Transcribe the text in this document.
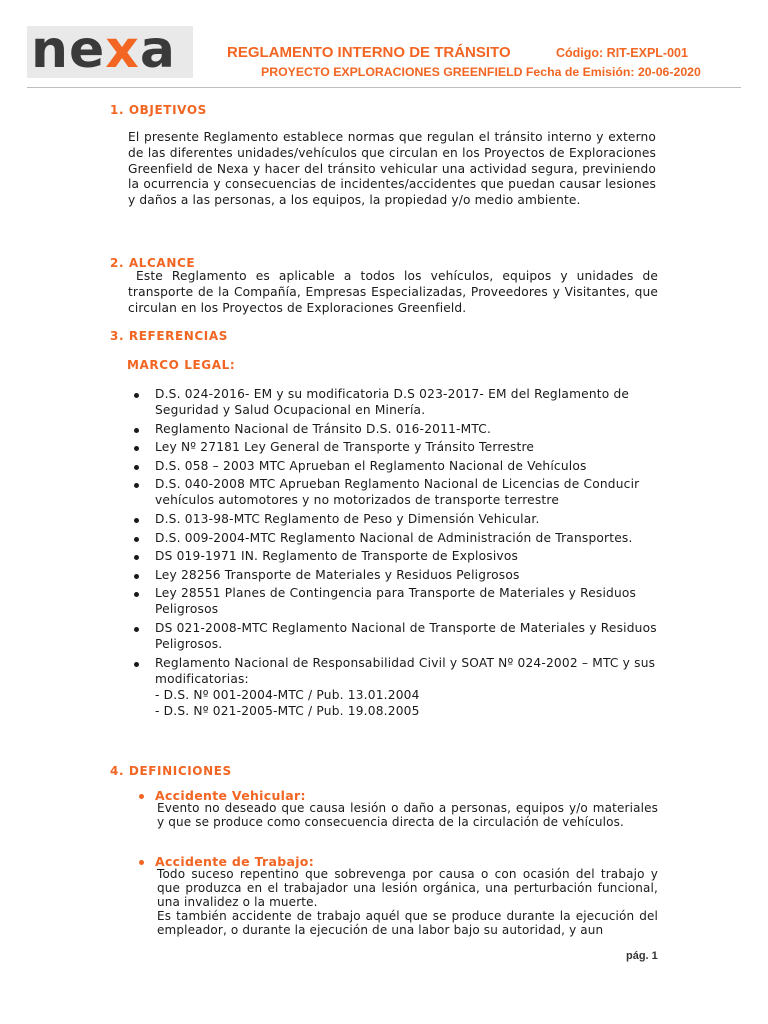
nexa	REGLAMENTO INTERNO DE TRÁNSITO	Código: RIT-EXPL-001
PROYECTO EXPLORACIONES GREENFIELD Fecha de Emisión: 20-06-2020
1. OBJETIVOS
El presente Reglamento establece normas que regulan el tránsito interno y externo de las diferentes unidades/vehículos que circulan en los Proyectos de Exploraciones Greenfield de Nexa y hacer del tránsito vehicular una actividad segura, previniendo la ocurrencia y consecuencias de incidentes/accidentes que puedan causar lesiones y daños a las personas, a los equipos, la propiedad y/o medio ambiente.
2. ALCANCE
Este Reglamento es aplicable a todos los vehículos, equipos y unidades de transporte de la Compañía, Empresas Especializadas, Proveedores y Visitantes, que circulan en los Proyectos de Exploraciones Greenfield.
3. REFERENCIAS
MARCO LEGAL:
D.S. 024-2016- EM y su modificatoria D.S 023-2017- EM del Reglamento de Seguridad y Salud Ocupacional en Minería.
Reglamento Nacional de Tránsito D.S. 016-2011-MTC.
Ley Nº 27181 Ley General de Transporte y Tránsito Terrestre
D.S. 058 – 2003 MTC Aprueban el Reglamento Nacional de Vehículos
D.S. 040-2008 MTC Aprueban Reglamento Nacional de Licencias de Conducir vehículos automotores y no motorizados de transporte terrestre
D.S. 013-98-MTC Reglamento de Peso y Dimensión Vehicular.
D.S. 009-2004-MTC Reglamento Nacional de Administración de Transportes.
DS 019-1971 IN. Reglamento de Transporte de Explosivos
Ley 28256 Transporte de Materiales y Residuos Peligrosos
Ley 28551 Planes de Contingencia para Transporte de Materiales y Residuos Peligrosos
DS 021-2008-MTC Reglamento Nacional de Transporte de Materiales y Residuos Peligrosos.
Reglamento Nacional de Responsabilidad Civil y SOAT Nº 024-2002 – MTC y sus modificatorias:
- D.S. Nº 001-2004-MTC / Pub. 13.01.2004
- D.S. Nº 021-2005-MTC / Pub. 19.08.2005
4. DEFINICIONES
Accidente Vehicular:
Evento no deseado que causa lesión o daño a personas, equipos y/o materiales y que se produce como consecuencia directa de la circulación de vehículos.
Accidente de Trabajo:
Todo suceso repentino que sobrevenga por causa o con ocasión del trabajo y que produzca en el trabajador una lesión orgánica, una perturbación funcional, una invalidez o la muerte.
Es también accidente de trabajo aquél que se produce durante la ejecución del empleador, o durante la ejecución de una labor bajo su autoridad, y aun
pág. 1
